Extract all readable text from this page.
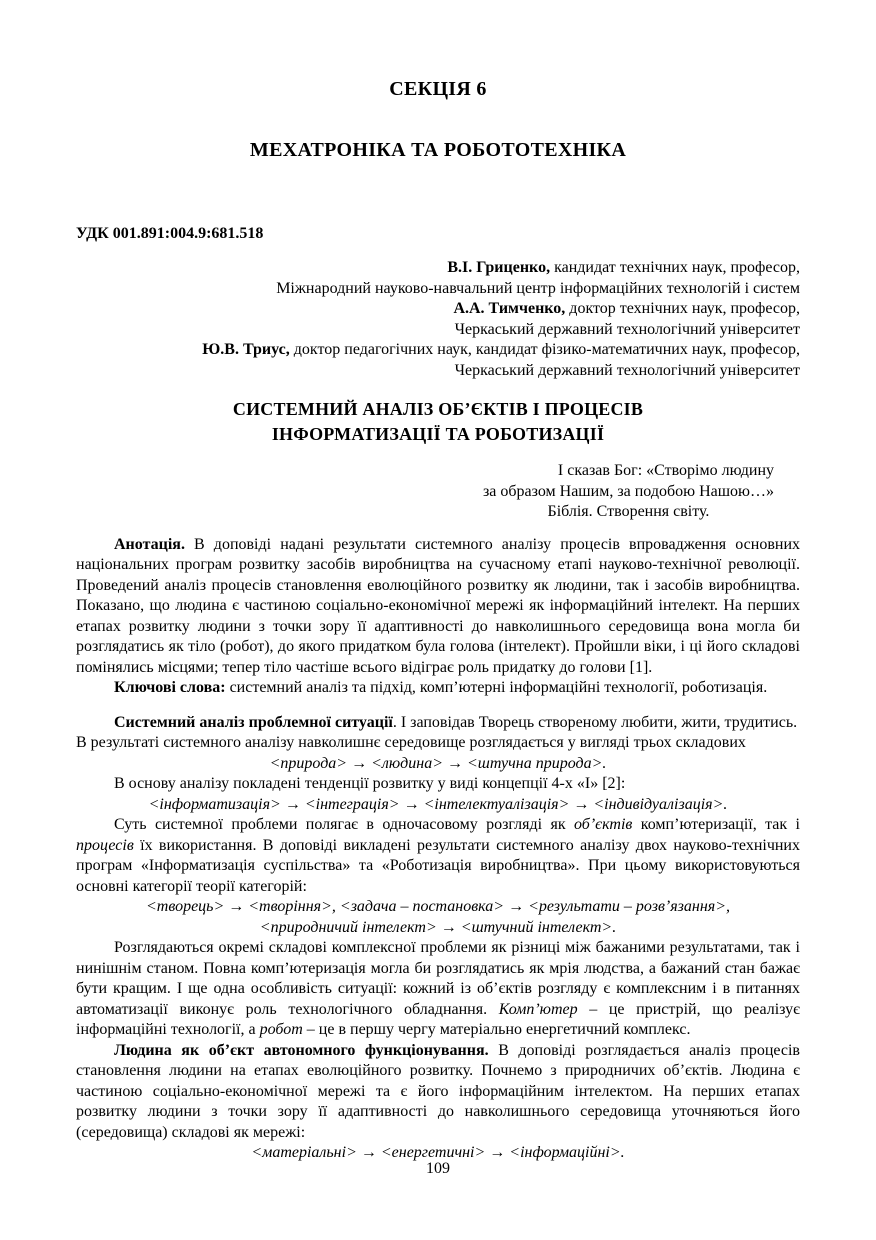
СЕКЦІЯ 6
МЕХАТРОНІКА ТА РОБОТОТЕХНІКА
УДК 001.891:004.9:681.518
В.І. Гриценко, кандидат технічних наук, професор,
Міжнародний науково-навчальний центр інформаційних технологій і систем
А.А. Тимченко, доктор технічних наук, професор,
Черкаський державний технологічний університет
Ю.В. Триус, доктор педагогічних наук, кандидат фізико-математичних наук, професор,
Черкаський державний технологічний університет
СИСТЕМНИЙ АНАЛІЗ ОБ’ЄКТІВ І ПРОЦЕСІВ
ІНФОРМАТИЗАЦІЇ ТА РОБОТИЗАЦІЇ
І сказав Бог: «Створімо людину
за образом Нашим, за подобою Нашою…»
Біблія. Створення світу.

Анотація. В доповіді надані результати системного аналізу процесів впровадження основних національних програм розвитку засобів виробництва на сучасному етапі науково-технічної революції. Проведений аналіз процесів становлення еволюційного розвитку як людини, так і засобів виробництва. Показано, що людина є частиною соціально-економічної мережі як інформаційний інтелект. На перших етапах розвитку людини з точки зору її адаптивності до навколишнього середовища вона могла би розглядатись як тіло (робот), до якого придатком була голова (інтелект). Пройшли віки, і ці його складові помінялись місцями; тепер тіло частіше всього відіграє роль придатку до голови [1].

Ключові слова: системний аналіз та підхід, комп’ютерні інформаційні технології, роботизація.

Системний аналіз проблемної ситуації. І заповідав Творець створеному любити, жити, трудитись.

В результаті системного аналізу навколишнє середовище розглядається у вигляді трьох складових

<природа> → <людина> → <штучна природа>.

В основу аналізу покладені тенденції розвитку у виді концепції 4-х «І» [2]:

<інформатизація> → <інтеграція> → <інтелектуалізація> → <індивідуалізація>.

Суть системної проблеми полягає в одночасовому розгляді як об’єктів комп’ютеризації, так і процесів їх використання. В доповіді викладені результати системного аналізу двох науково-технічних програм «Інформатизація суспільства» та «Роботизація виробництва». При цьому використовуються основні категорії теорії категорій:

<творець> → <творіння>, <задача – постановка> → <результати – розв’язання>,
<природничий інтелект> → <штучний інтелект>.

Розглядаються окремі складові комплексної проблеми як різниці між бажаними результатами, так і нинішнім станом. Повна комп’ютеризація могла би розглядатись як мрія людства, а бажаний стан бажає бути кращим. І ще одна особливість ситуації: кожний із об’єктів розгляду є комплексним і в питаннях автоматизації виконує роль технологічного обладнання. Комп’ютер – це пристрій, що реалізує інформаційні технології, а робот – це в першу чергу матеріально енергетичний комплекс.

Людина як об’єкт автономного функціонування. В доповіді розглядається аналіз процесів становлення людини на етапах еволюційного розвитку. Почнемо з природничих об’єктів. Людина є частиною соціально-економічної мережі та є його інформаційним інтелектом. На перших етапах розвитку людини з точки зору її адаптивності до навколишнього середовища уточняються його (середовища) складові як мережі:

<матеріальні> → <енергетичні> → <інформаційні>.

109
